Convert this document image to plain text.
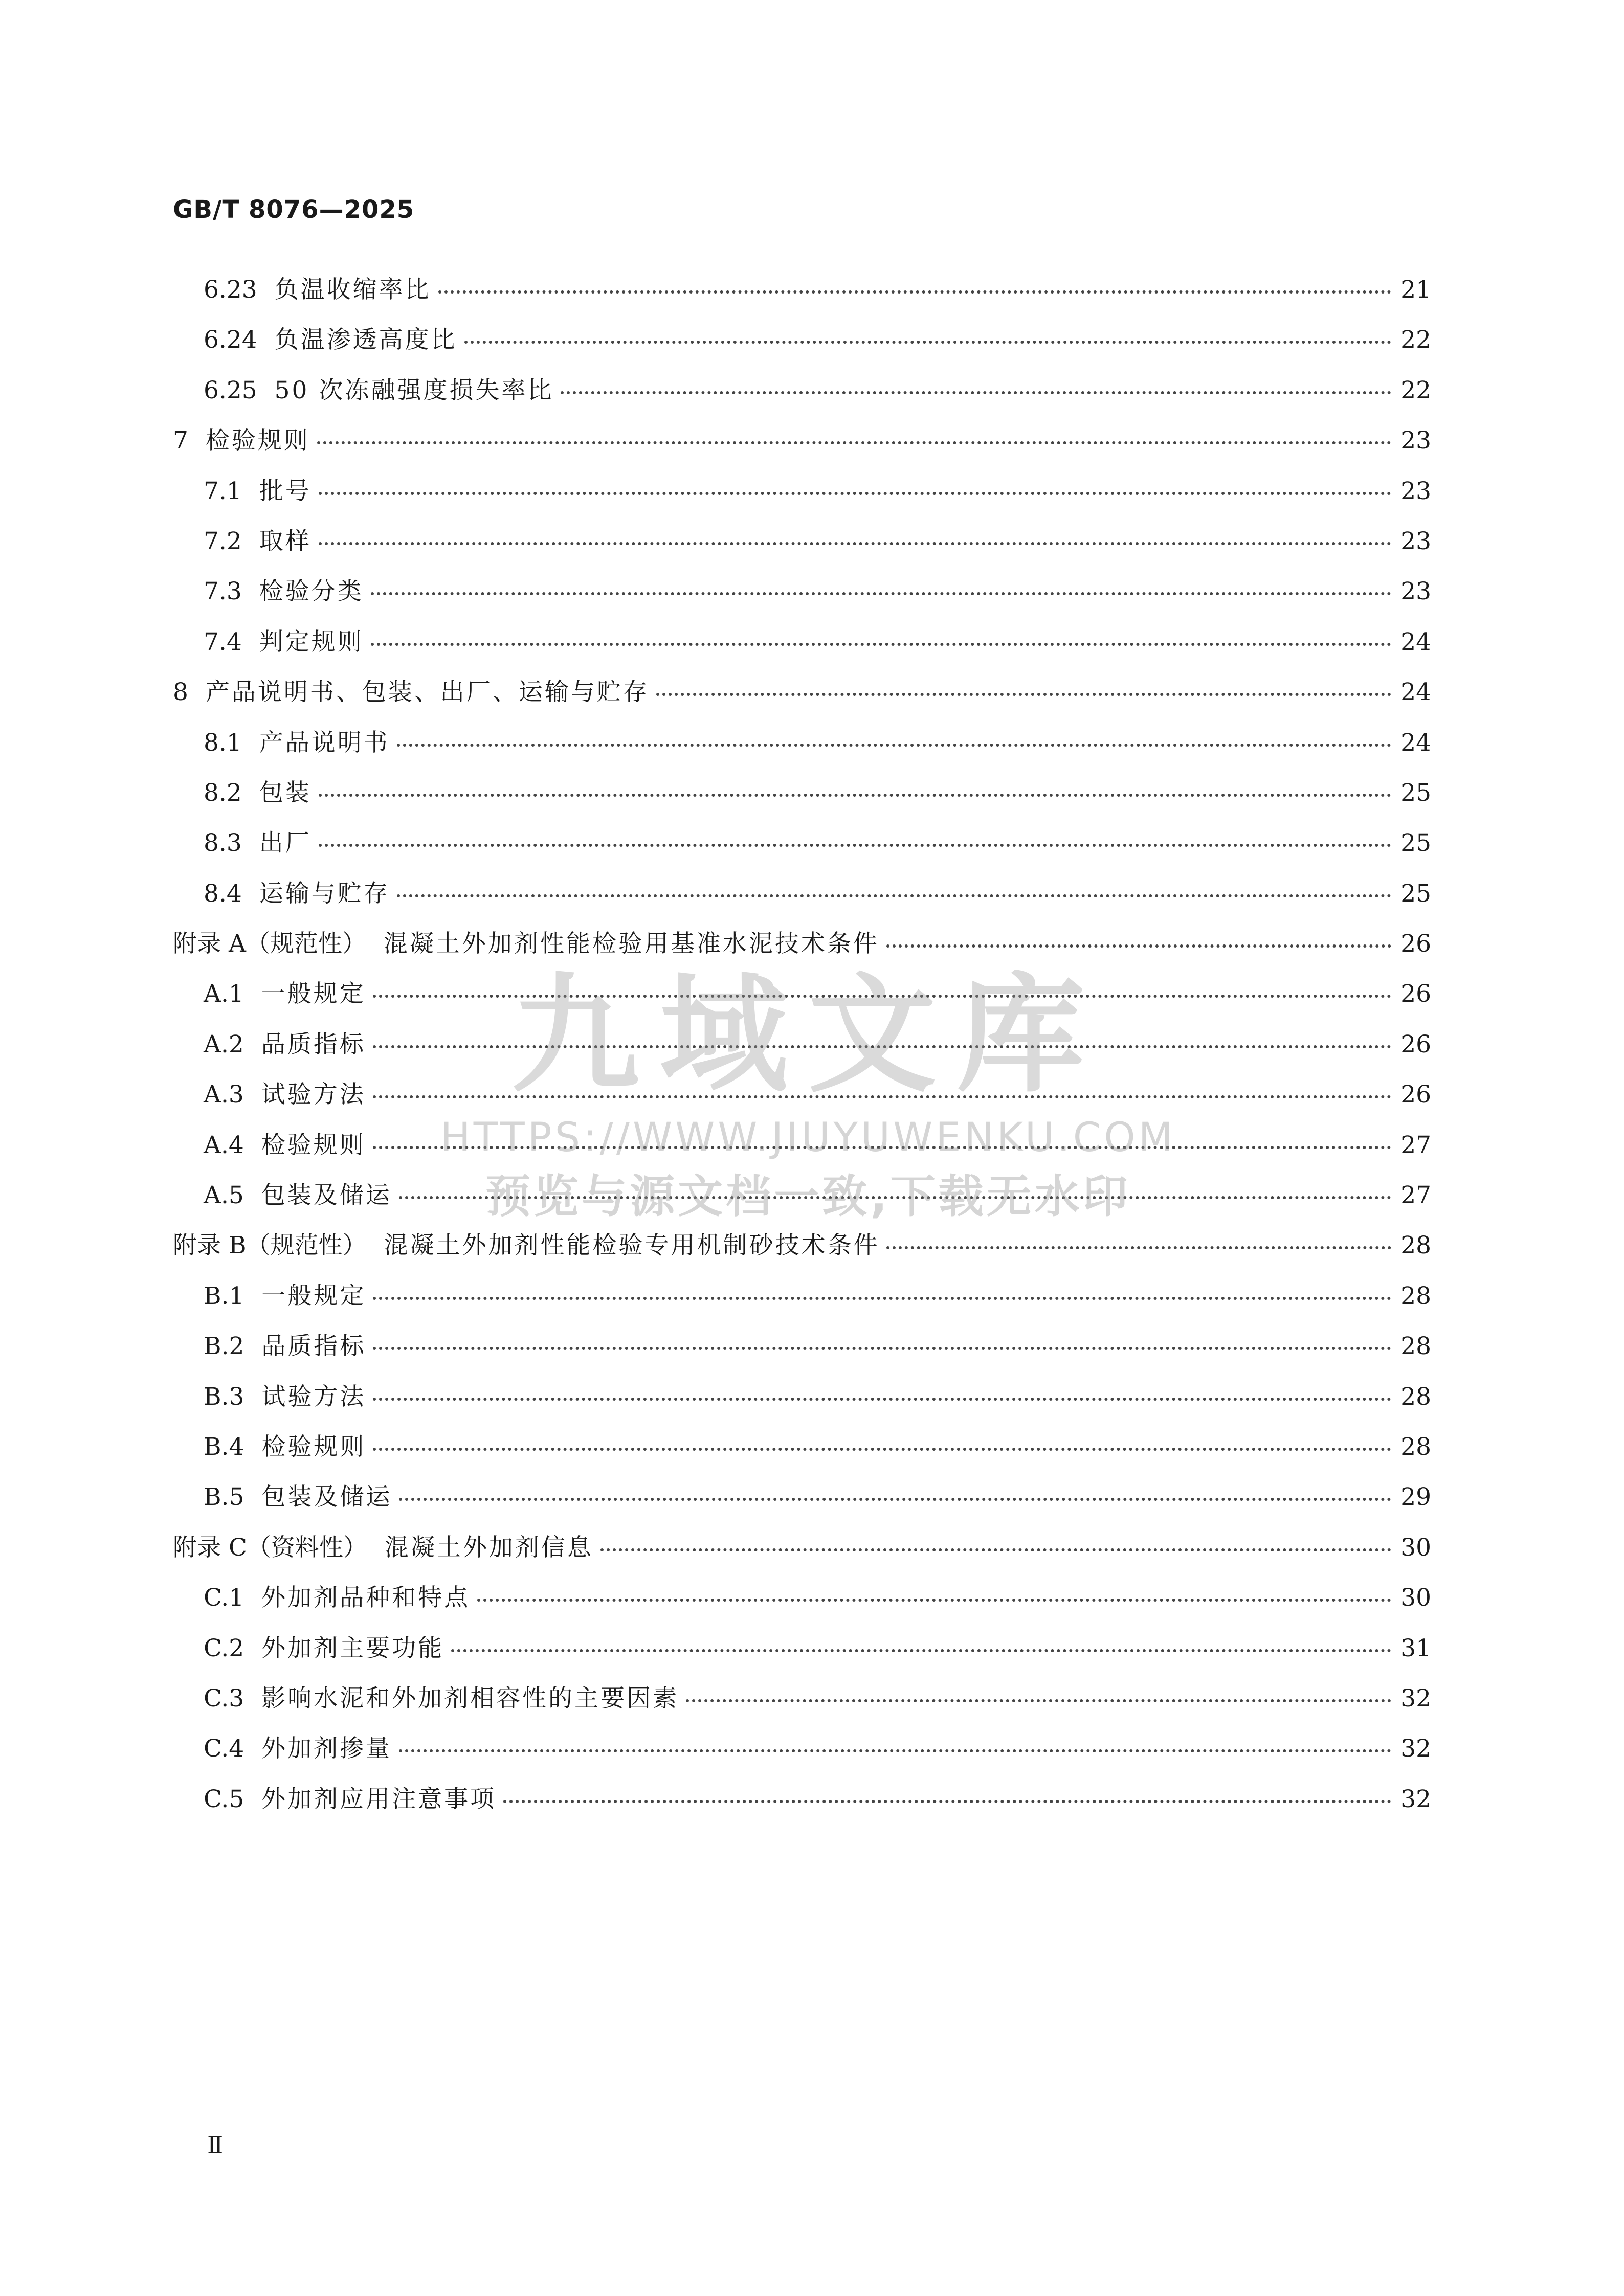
GB/T 8076—2025
6.23 负温收缩率比	21
6.24 负温渗透高度比	22
6.25 50 次冻融强度损失率比	22
7 检验规则	23
7.1 批号	23
7.2 取样	23
7.3 检验分类	23
7.4 判定规则	24
8 产品说明书、包装、出厂、运输与贮存	24
8.1 产品说明书	24
8.2 包装	25
8.3 出厂	25
8.4 运输与贮存	25
附录 A（规范性） 混凝土外加剂性能检验用基准水泥技术条件	26
A.1 一般规定	26
A.2 品质指标	26
A.3 试验方法	26
A.4 检验规则	27
A.5 包装及储运	27
附录 B（规范性） 混凝土外加剂性能检验专用机制砂技术条件	28
B.1 一般规定	28
B.2 品质指标	28
B.3 试验方法	28
B.4 检验规则	28
B.5 包装及储运	29
附录 C（资料性） 混凝土外加剂信息	30
C.1 外加剂品种和特点	30
C.2 外加剂主要功能	31
C.3 影响水泥和外加剂相容性的主要因素	32
C.4 外加剂掺量	32
C.5 外加剂应用注意事项	32
九域文库
HTTPS://WWW.JIUYUWENKU.COM
预览与源文档一致,下载无水印
Ⅱ
